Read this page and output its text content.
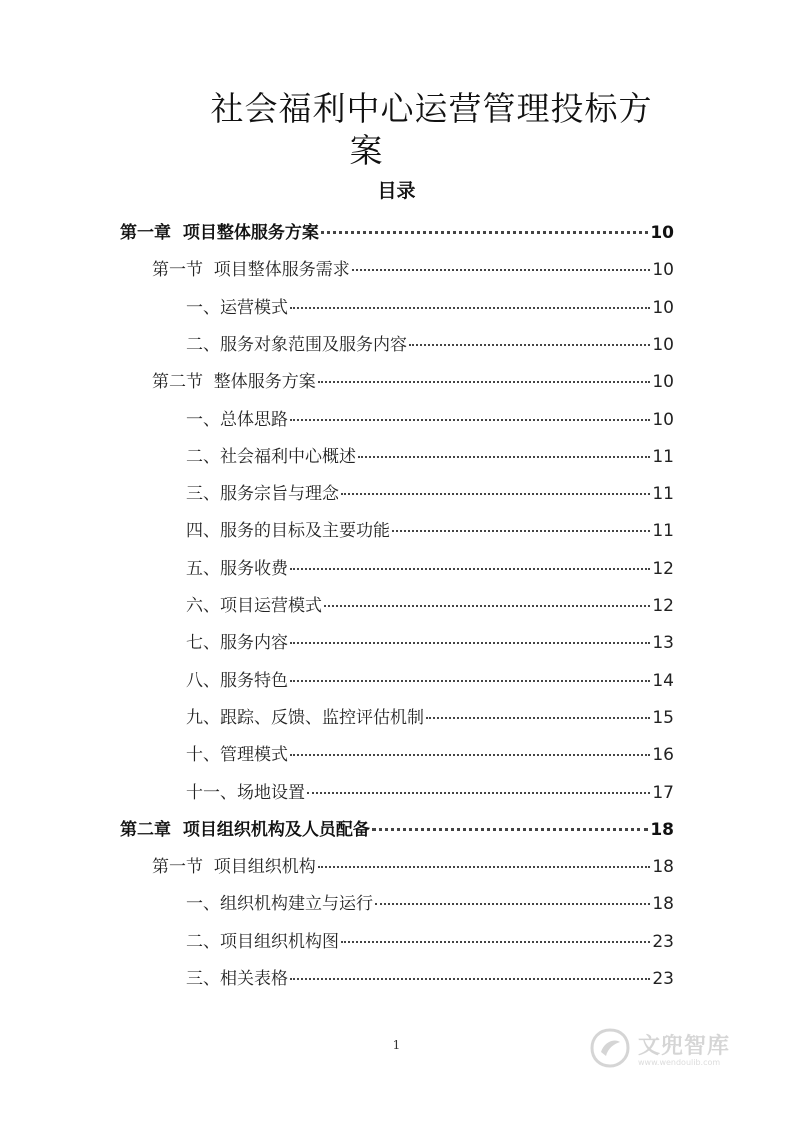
社会福利中心运营管理投标方
案
目录
第一章  项目整体服务方案	10
第一节  项目整体服务需求	10
一、运营模式	10
二、服务对象范围及服务内容	10
第二节  整体服务方案	10
一、总体思路	10
二、社会福利中心概述	11
三、服务宗旨与理念	11
四、服务的目标及主要功能	11
五、服务收费	12
六、项目运营模式	12
七、服务内容	13
八、服务特色	14
九、跟踪、反馈、监控评估机制	15
十、管理模式	16
十一、场地设置	17
第二章  项目组织机构及人员配备	18
第一节  项目组织机构	18
一、组织机构建立与运行	18
二、项目组织机构图	23
三、相关表格	23
1	文兜智库
www.wendoulib.com
